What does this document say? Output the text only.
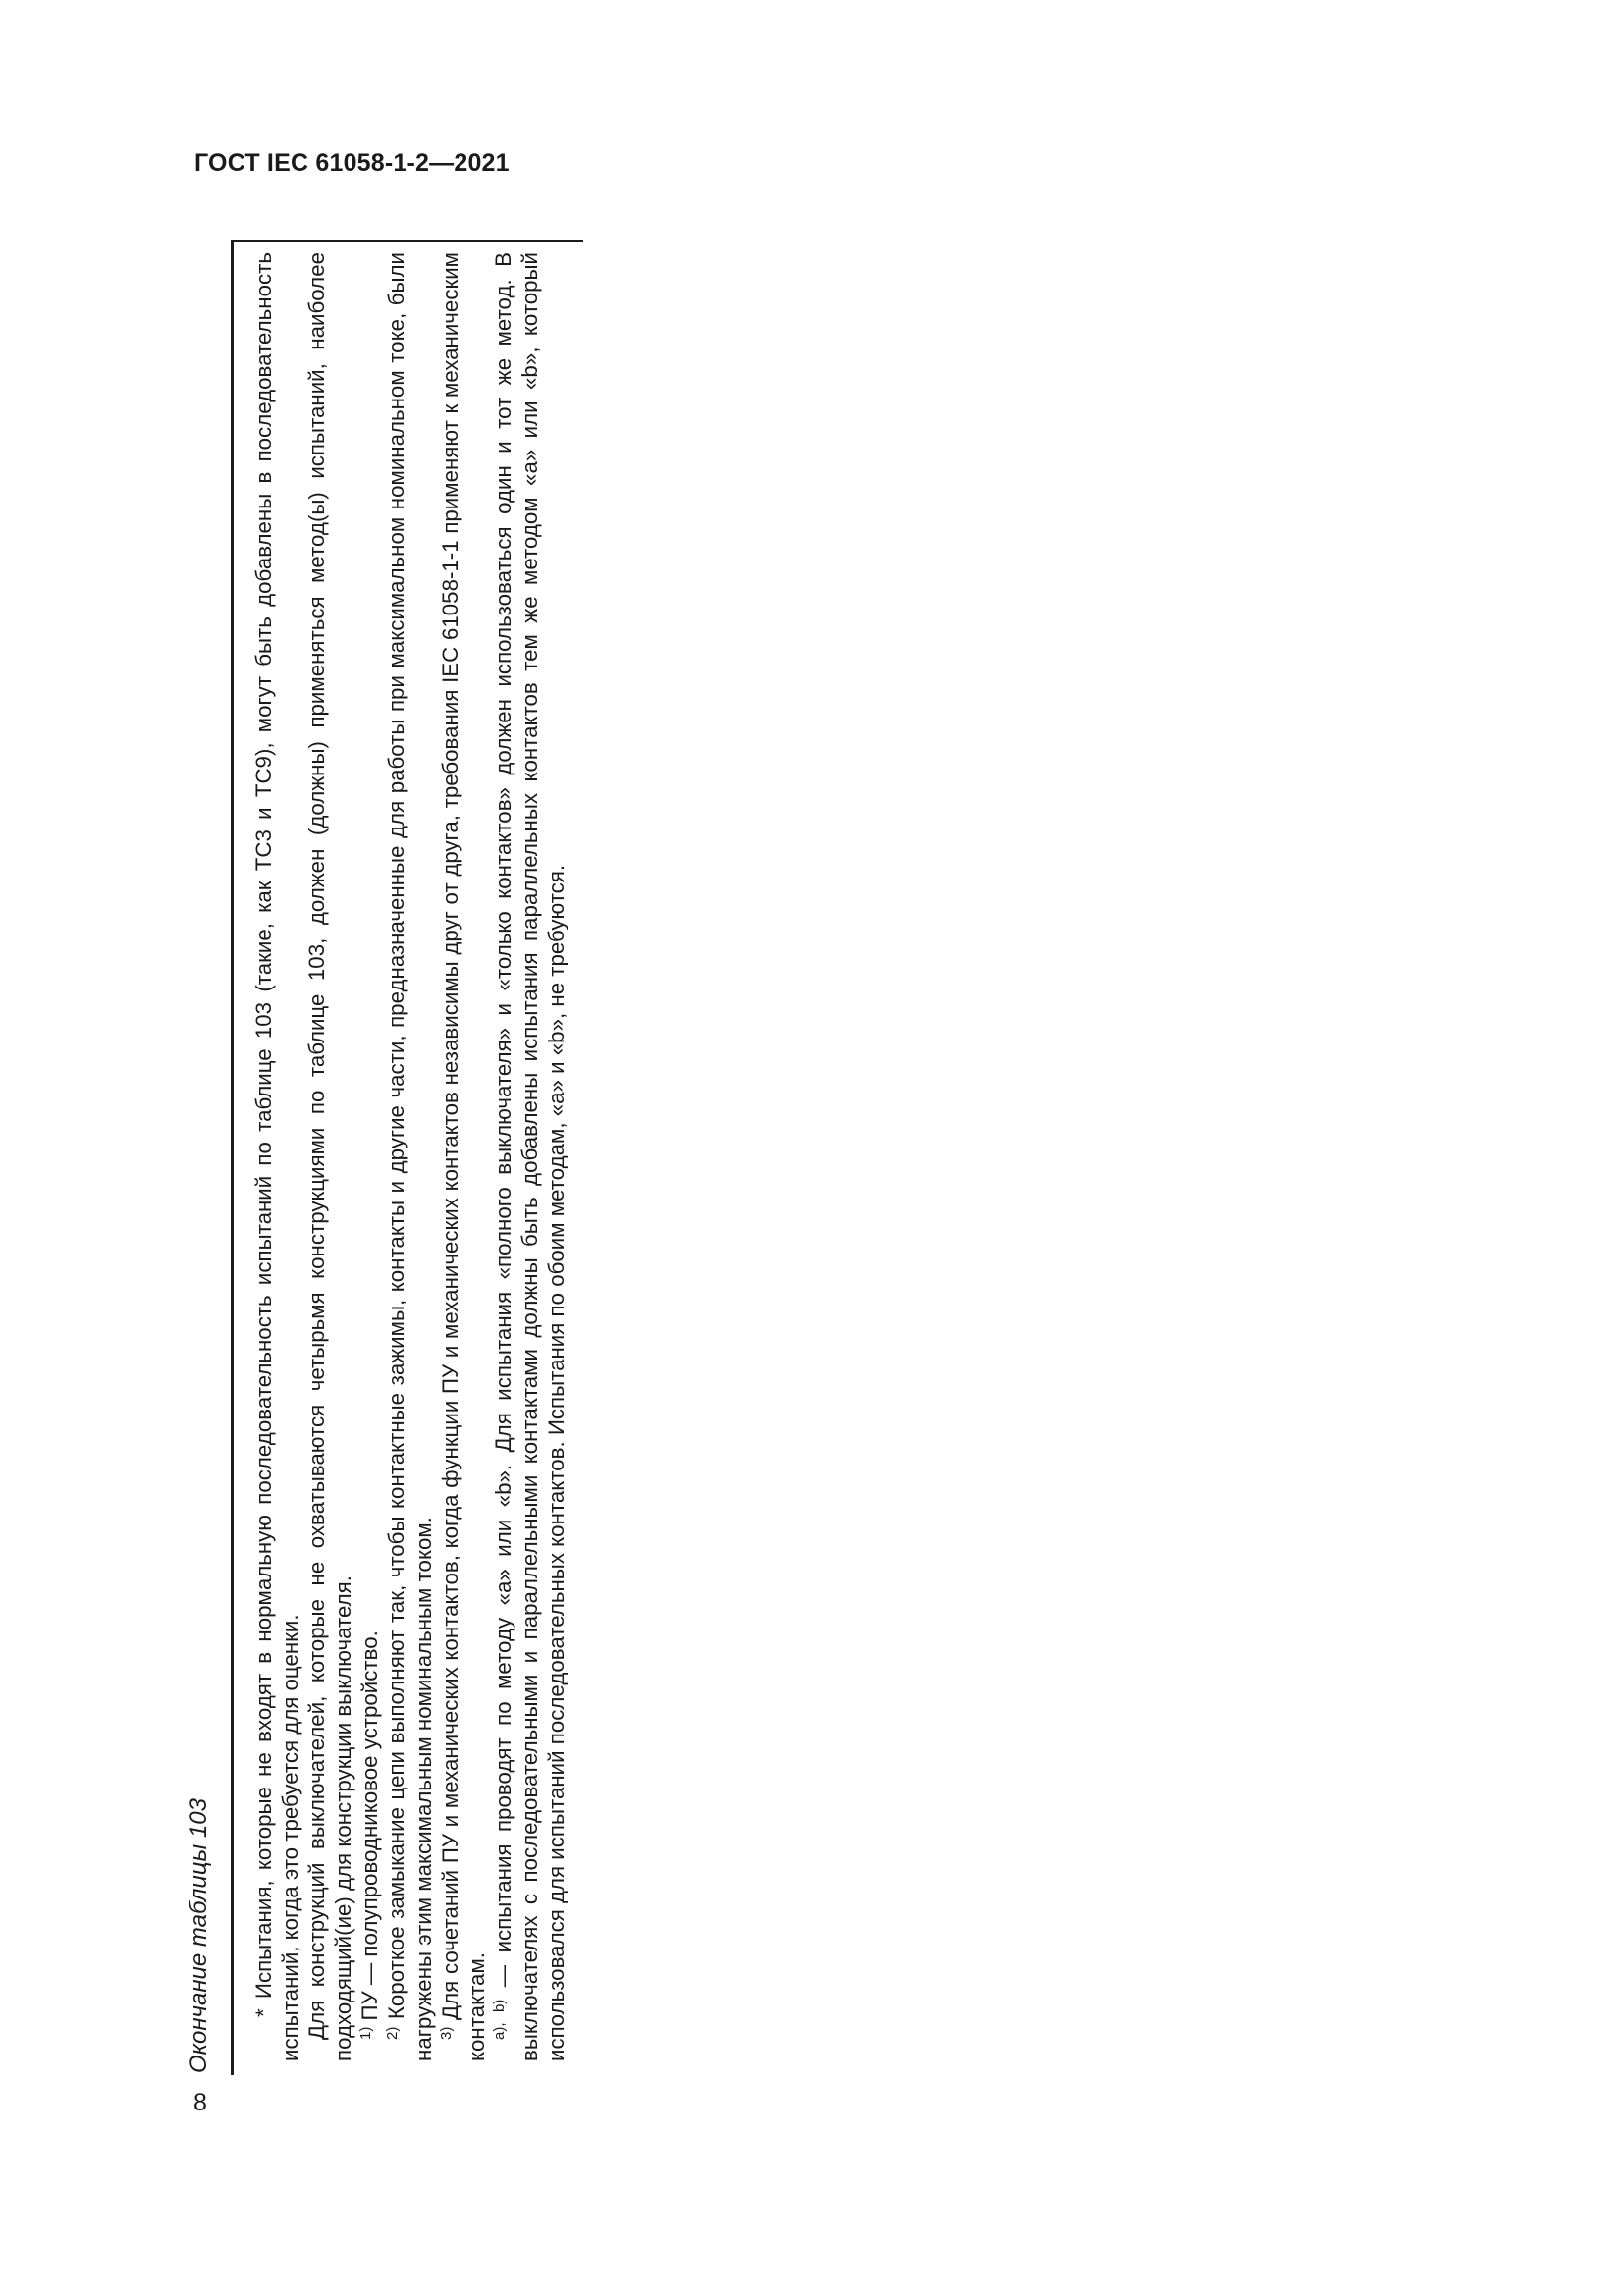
ГОСТ IEC 61058-1-2—2021
8
Окончание таблицы 103 * Испытания, которые не входят в нормальную последовательность испытаний по таблице 103 (такие, как ТС3 и ТС9), могут быть добавлены в последовательность испытаний, когда это требуется для оценки. Для конструкций выключателей, которые не охватываются четырьмя конструкциями по таблице 103, должен (должны) применяться метод(ы) испытаний, наиболее подходящий(ие) для конструкции выключателя. $^{1)}$ ПУ — полупроводниковое устройство.

$^{2)}$ Короткое замыкание цепи выполняют так, чтобы контактные зажимы, контакты и другие части, предназначенные для работы при максимальном номинальном токе, были нагружены этим максимальным номинальным током. $^{3)}$ Для сочетаний ПУ и механических контактов, когда функции ПУ и механических контактов независимы друг от друга, требования IEC 61058-1-1 применяют к механическим контактам. $^{a), b)}$ — испытания проводят по методу «a» или «b». Для испытания «полного выключателя» и «только контактов» должен использоваться один и тот же метод. В выключателях с последовательными и параллельными контактами должны быть добавлены испытания параллельных контактов тем же методом «a» или «b», который использовался для испытаний последовательных контактов. Испытания по обоим методам, «a» и «b», не требуются.
